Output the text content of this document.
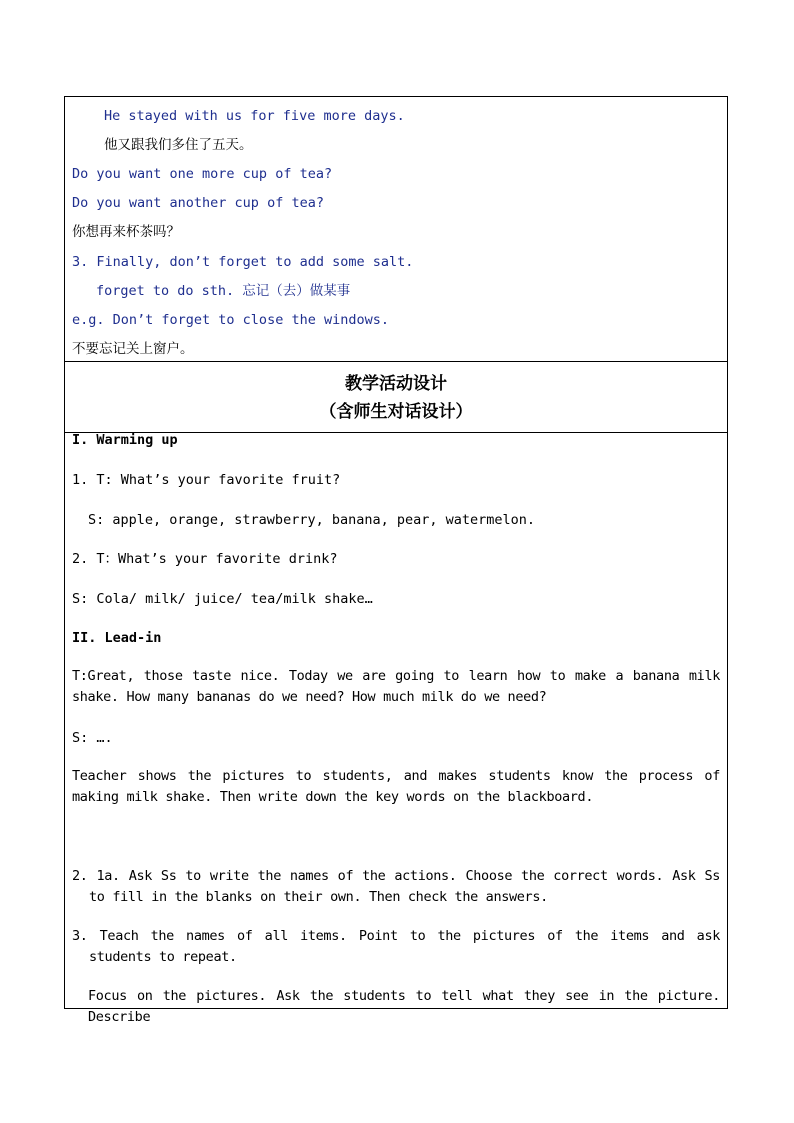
He stayed with us for five more days.
他又跟我们多住了五天。
Do you want one more cup of tea?
Do you want another cup of tea?
你想再来杯茶吗？
3. Finally, don’t forget to add some salt.
forget to do sth. 忘记（去）做某事
e.g. Don’t forget to close the windows.
不要忘记关上窗户。
教学活动设计
（含师生对话设计）
I. Warming up
1. T: What’s your favorite fruit?
S: apple, orange, strawberry, banana, pear, watermelon.
2. T：What’s your favorite drink?
S: Cola/ milk/ juice/ tea/milk shake…
II. Lead-in
T:Great, those taste nice. Today we are going to learn how to make a banana milk shake. How many bananas do we need? How much milk do we need?
S: ….
Teacher shows the pictures to students, and makes students know the process of making milk shake. Then write down the key words on the blackboard.
2. 1a. Ask Ss to write the names of the actions. Choose the correct words. Ask Ss to fill in the blanks on their own. Then check the answers.
3. Teach the names of all items. Point to the pictures of the items and ask students to repeat.
Focus on the pictures. Ask the students to tell what they see in the picture. Describe
